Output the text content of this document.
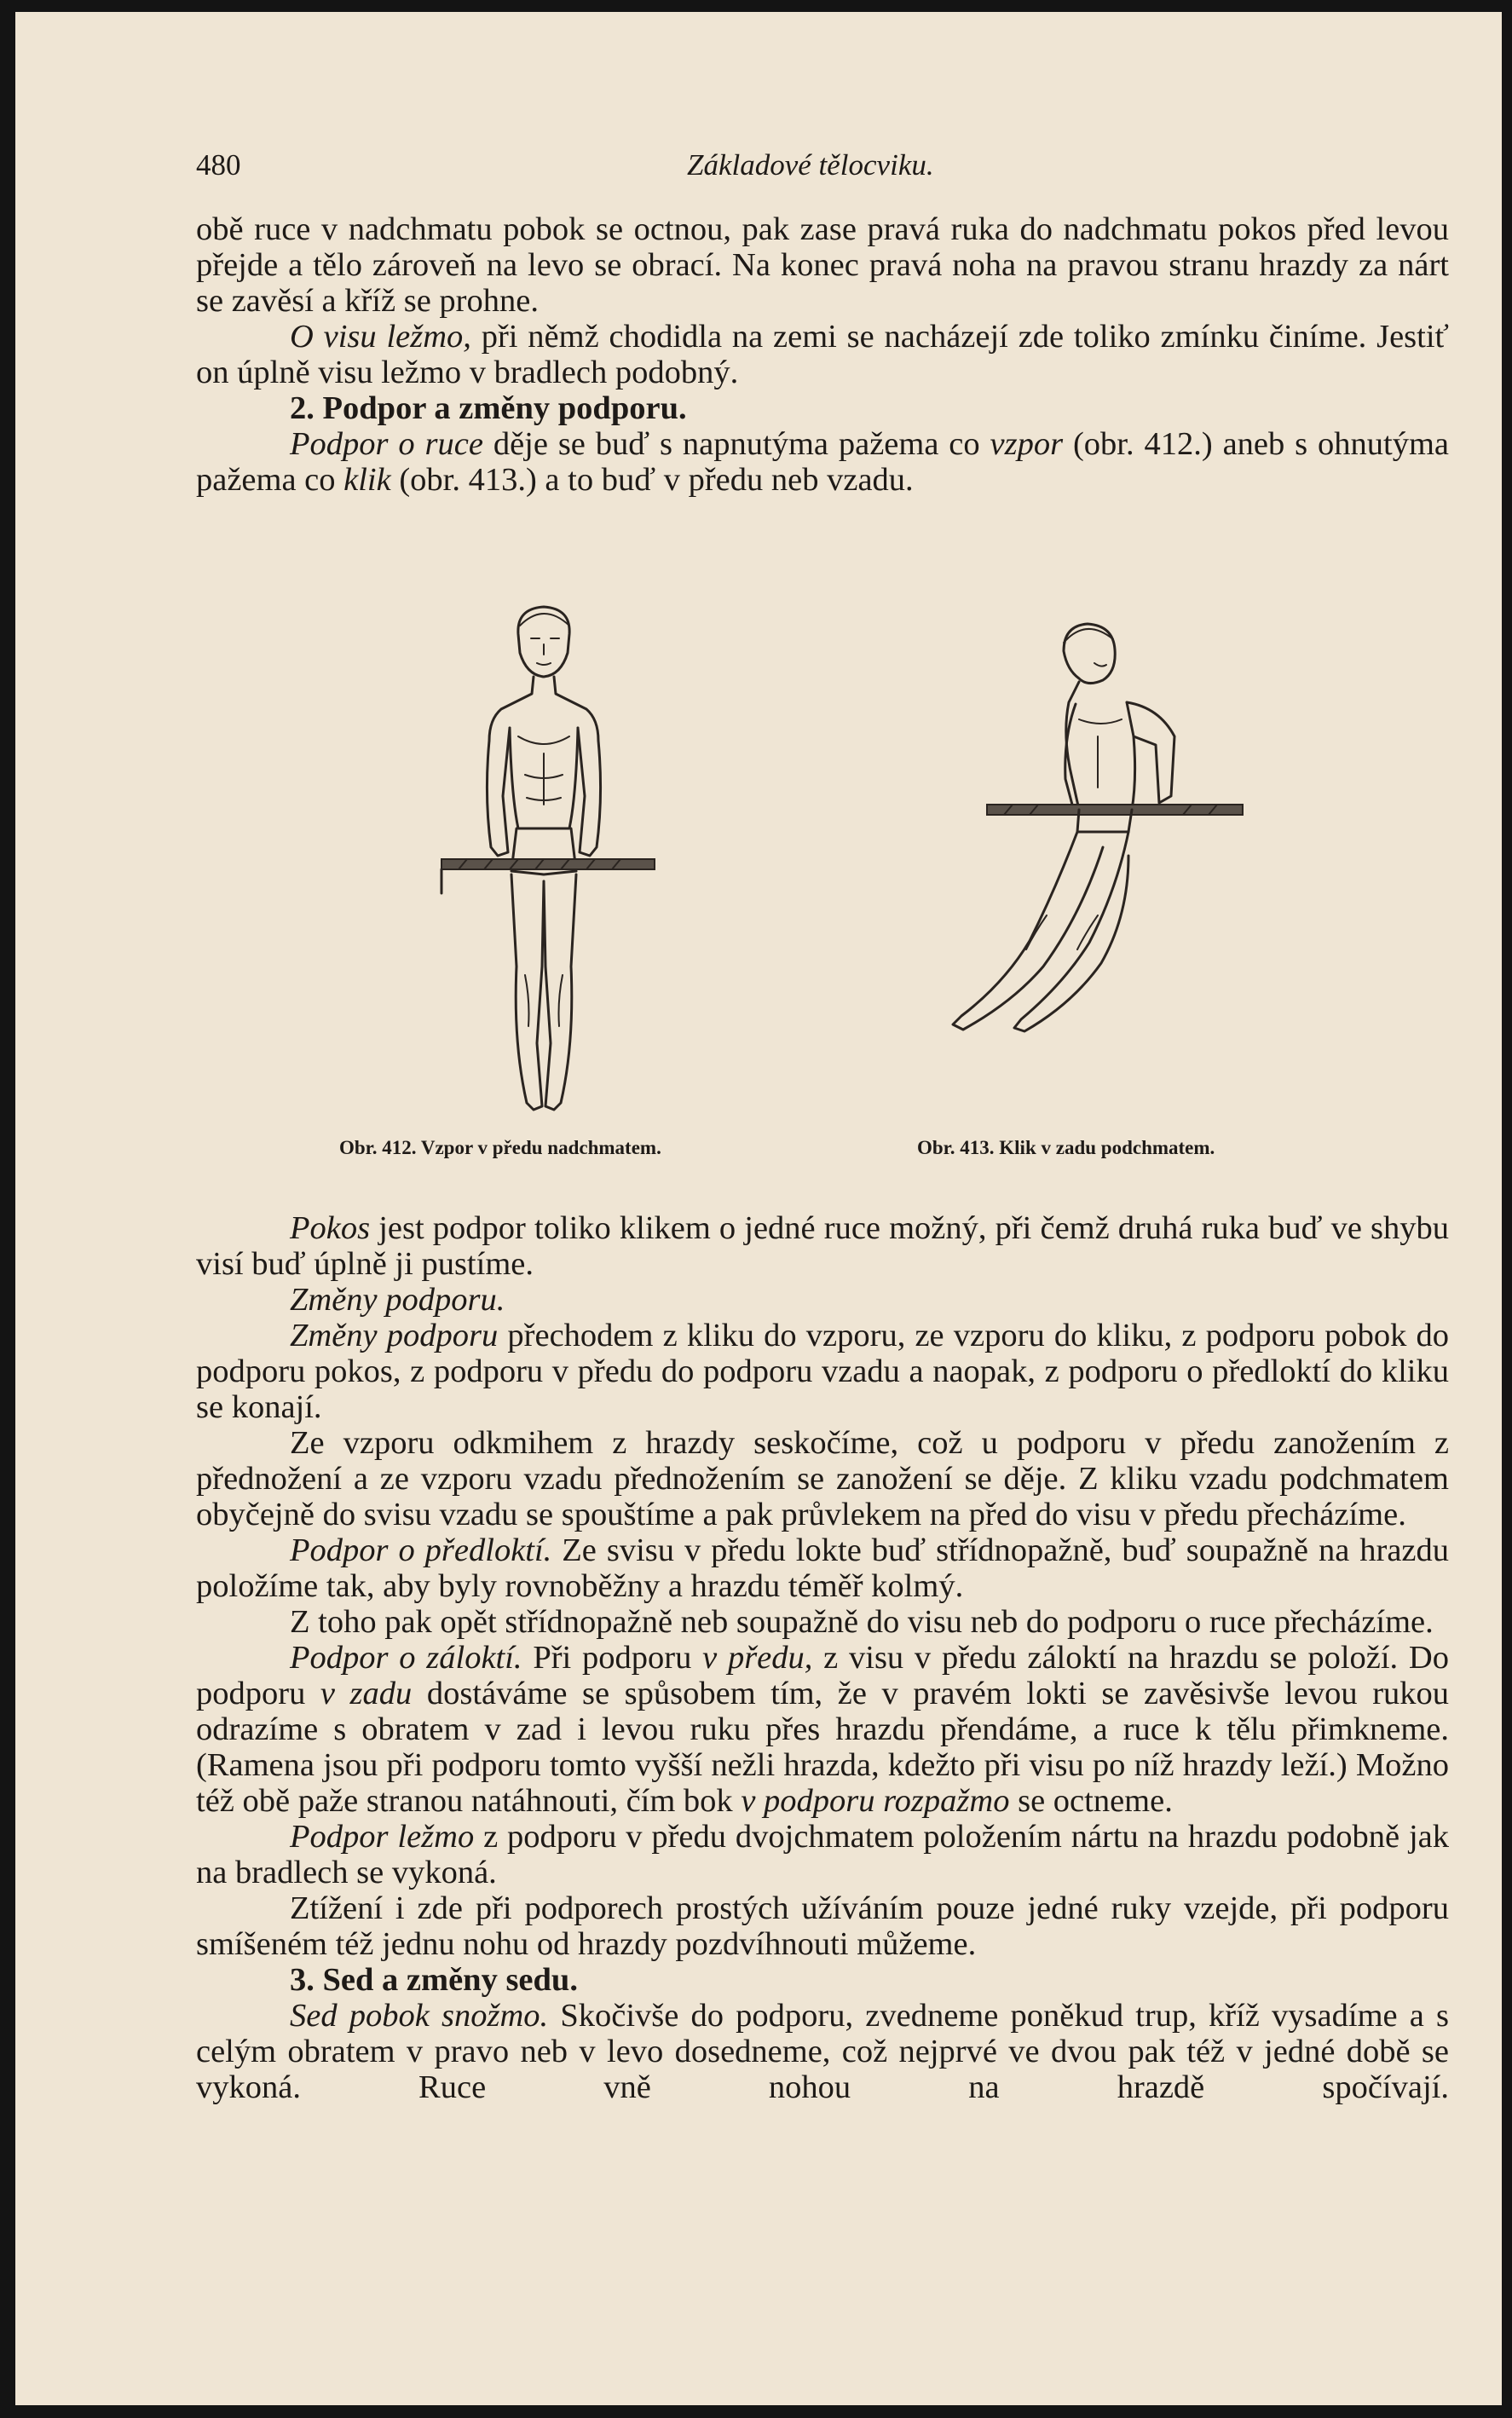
480	Základové tělocviku.

obě ruce v nadchmatu pobok se octnou, pak zase pravá ruka do nadchmatu pokos před levou přejde a tělo zároveň na levo se obrací. Na konec pravá noha na pravou stranu hrazdy za nárt se zavěsí a kříž se prohne.

O visu ležmo, při němž chodidla na zemi se nacházejí zde toliko zmínku činíme. Jestiť on úplně visu ležmo v bradlech podobný.

2. Podpor a změny podporu.

Podpor o ruce děje se buď s napnutýma pažema co vzpor (obr. 412.) aneb s ohnutýma pažema co klik (obr. 413.) a to buď v předu neb vzadu.

Obr. 412. Vzpor v předu nadchmatem.	Obr. 413. Klik v zadu podchmatem.

Pokos jest podpor toliko klikem o jedné ruce možný, při čemž druhá ruka buď ve shybu visí buď úplně ji pustíme.

Změny podporu.

Změny podporu přechodem z kliku do vzporu, ze vzporu do kliku, z podporu pobok do podporu pokos, z podporu v předu do podporu vzadu a naopak, z podporu o předloktí do kliku se konají.

Ze vzporu odkmihem z hrazdy seskočíme, což u podporu v předu zanožením z přednožení a ze vzporu vzadu přednožením se zanožení se děje. Z kliku vzadu podchmatem obyčejně do svisu vzadu se spouštíme a pak průvlekem na před do visu v předu přecházíme.

Podpor o předloktí. Ze svisu v předu lokte buď střídnopažně, buď soupažně na hrazdu položíme tak, aby byly rovnoběžny a hrazdu téměř kolmý.

Z toho pak opět střídnopažně neb soupažně do visu neb do podporu o ruce přecházíme.

Podpor o záloktí. Při podporu v předu, z visu v předu záloktí na hrazdu se položí. Do podporu v zadu dostáváme se spůsobem tím, že v pravém lokti se zavěsivše levou rukou odrazíme s obratem v zad i levou ruku přes hrazdu přendáme, a ruce k tělu přimkneme. (Ramena jsou při podporu tomto vyšší nežli hrazda, kdežto při visu po níž hrazdy leží.) Možno též obě paže stranou natáhnouti, čím bok v podporu rozpažmo se octneme.

Podpor ležmo z podporu v předu dvojchmatem položením nártu na hrazdu podobně jak na bradlech se vykoná.

Ztížení i zde při podporech prostých užíváním pouze jedné ruky vzejde, při podporu smíšeném též jednu nohu od hrazdy pozdvíhnouti můžeme.

3. Sed a změny sedu.

Sed pobok snožmo. Skočivše do podporu, zvedneme poněkud trup, kříž vysadíme a s celým obratem v pravo neb v levo dosedneme, což nejprvé ve dvou pak též v jedné době se vykoná. Ruce vně nohou na hrazdě spočívají.
